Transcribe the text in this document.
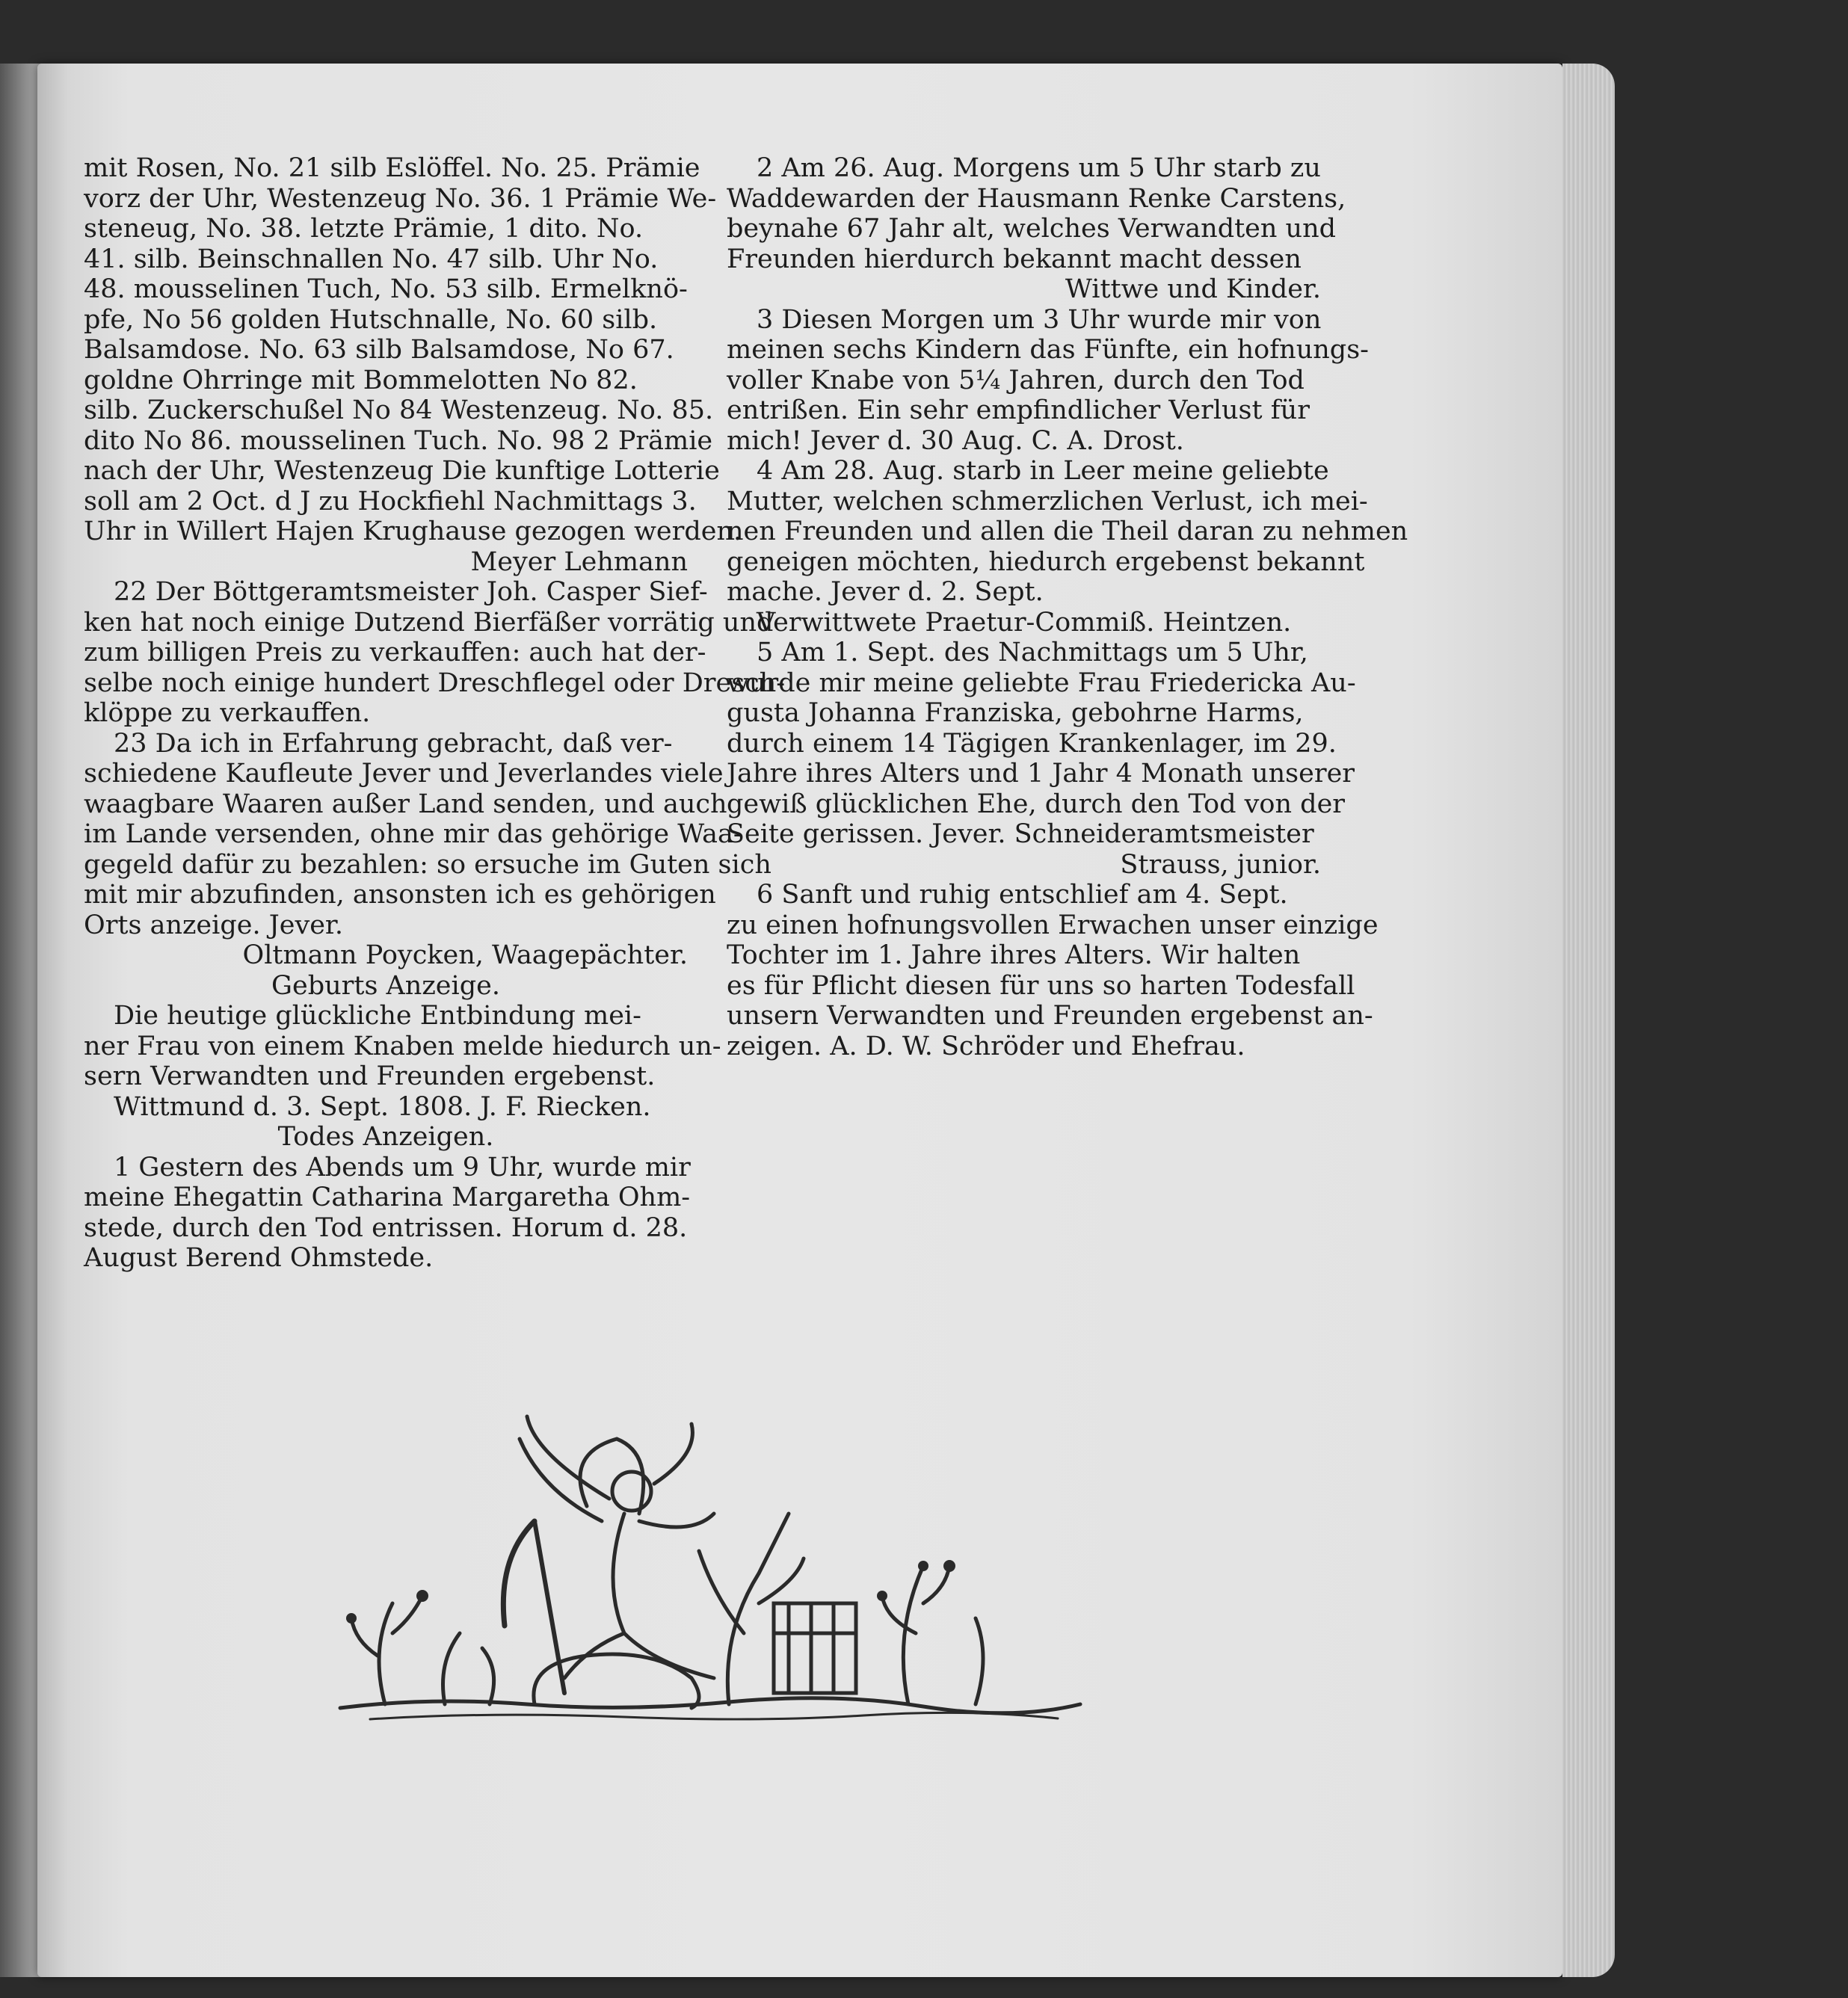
mit Rosen, No. 21 silb Eslöffel. No. 25. Prämie
vorz der Uhr, Westenzeug No. 36. 1 Prämie We-
steneug, No. 38. letzte Prämie, 1 dito. No.
41. silb. Beinschnallen No. 47 silb. Uhr No.
48. mousselinen Tuch, No. 53 silb. Ermelknö-
pfe, No 56 golden Hutschnalle, No. 60 silb.
Balsamdose. No. 63 silb Balsamdose, No 67.
goldne Ohrringe mit Bommelotten No 82.
silb. Zuckerschußel No 84 Westenzeug. No. 85.
dito No 86. mousselinen Tuch. No. 98 2 Prämie
nach der Uhr, Westenzeug Die kunftige Lotterie
soll am 2 Oct. d J zu Hockfiehl Nachmittags 3.
Uhr in Willert Hajen Krughause gezogen werden.
Meyer Lehmann
22 Der Böttgeramtsmeister Joh. Casper Sief-
ken hat noch einige Dutzend Bierfäßer vorrätig und
zum billigen Preis zu verkauffen: auch hat der-
selbe noch einige hundert Dreschflegel oder Dresch-
klöppe zu verkauffen.
23 Da ich in Erfahrung gebracht, daß ver-
schiedene Kaufleute Jever und Jeverlandes viele
waagbare Waaren außer Land senden, und auch
im Lande versenden, ohne mir das gehörige Waa-
gegeld dafür zu bezahlen: so ersuche im Guten sich
mit mir abzufinden, ansonsten ich es gehörigen
Orts anzeige. Jever.
Oltmann Poycken, Waagepächter.
Geburts Anzeige.
Die heutige glückliche Entbindung mei-
ner Frau von einem Knaben melde hiedurch un-
sern Verwandten und Freunden ergebenst.
Wittmund d. 3. Sept. 1808. J. F. Riecken.
Todes Anzeigen.
1 Gestern des Abends um 9 Uhr, wurde mir
meine Ehegattin Catharina Margaretha Ohm-
stede, durch den Tod entrissen. Horum d. 28.
August Berend Ohmstede.
2 Am 26. Aug. Morgens um 5 Uhr starb zu
Waddewarden der Hausmann Renke Carstens,
beynahe 67 Jahr alt, welches Verwandten und
Freunden hierdurch bekannt macht dessen
Wittwe und Kinder.
3 Diesen Morgen um 3 Uhr wurde mir von
meinen sechs Kindern das Fünfte, ein hofnungs-
voller Knabe von 5¼ Jahren, durch den Tod
entrißen. Ein sehr empfindlicher Verlust für
mich! Jever d. 30 Aug. C. A. Drost.
4 Am 28. Aug. starb in Leer meine geliebte
Mutter, welchen schmerzlichen Verlust, ich mei-
nen Freunden und allen die Theil daran zu nehmen
geneigen möchten, hiedurch ergebenst bekannt
mache. Jever d. 2. Sept.
Verwittwete Praetur-Commiß. Heintzen.
5 Am 1. Sept. des Nachmittags um 5 Uhr,
wurde mir meine geliebte Frau Friedericka Au-
gusta Johanna Franziska, gebohrne Harms,
durch einem 14 Tägigen Krankenlager, im 29.
Jahre ihres Alters und 1 Jahr 4 Monath unserer
gewiß glücklichen Ehe, durch den Tod von der
Seite gerissen. Jever. Schneideramtsmeister
Strauss, junior.
6 Sanft und ruhig entschlief am 4. Sept.
zu einen hofnungsvollen Erwachen unser einzige
Tochter im 1. Jahre ihres Alters. Wir halten
es für Pflicht diesen für uns so harten Todesfall
unsern Verwandten und Freunden ergebenst an-
zeigen. A. D. W. Schröder und Ehefrau.
